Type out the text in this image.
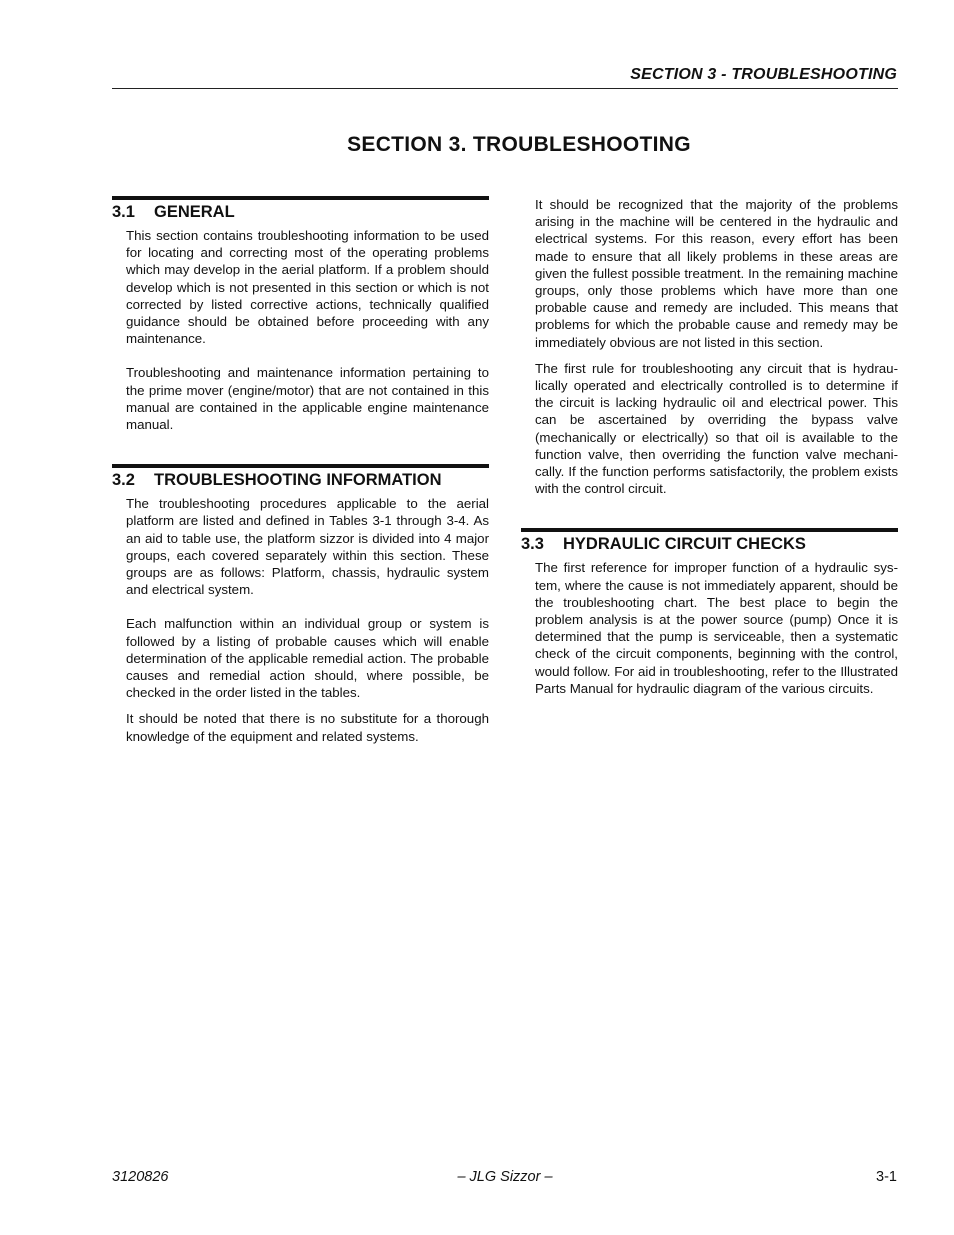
SECTION 3 - TROUBLESHOOTING
SECTION 3. TROUBLESHOOTING
3.1 GENERAL

This section contains troubleshooting information to be used for locating and correcting most of the operating problems which may develop in the aerial platform. If a problem should develop which is not presented in this section or which is not corrected by listed corrective actions, technically qualified guidance should be obtained before proceeding with any maintenance.

Troubleshooting and maintenance information pertaining to the prime mover (engine/motor) that are not contained in this manual are contained in the applicable engine maintenance manual.

3.2 TROUBLESHOOTING INFORMATION

The troubleshooting procedures applicable to the aerial platform are listed and defined in Tables 3-1 through 3-4. As an aid to table use, the platform sizzor is divided into 4 major groups, each covered separately within this section. These groups are as follows: Platform, chassis, hydraulic system and electrical system.

Each malfunction within an individual group or system is followed by a listing of probable causes which will enable determination of the applicable remedial action. The probable causes and remedial action should, where possible, be checked in the order listed in the tables.

It should be noted that there is no substitute for a thorough knowledge of the equipment and related systems.

It should be recognized that the majority of the problems arising in the machine will be centered in the hydraulic and electrical systems. For this reason, every effort has been made to ensure that all likely problems in these areas are given the fullest possible treatment. In the remaining machine groups, only those problems which have more than one probable cause and remedy are included. This means that problems for which the probable cause and remedy may be immediately obvious are not listed in this section.

The first rule for troubleshooting any circuit that is hydraulically operated and electrically controlled is to determine if the circuit is lacking hydraulic oil and electrical power. This can be ascertained by overriding the bypass valve (mechanically or electrically) so that oil is available to the function valve, then overriding the function valve mechanically. If the function performs satisfactorily, the problem exists with the control circuit.

3.3 HYDRAULIC CIRCUIT CHECKS

The first reference for improper function of a hydraulic system, where the cause is not immediately apparent, should be the troubleshooting chart. The best place to begin the problem analysis is at the power source (pump) Once it is determined that the pump is serviceable, then a systematic check of the circuit components, beginning with the control, would follow. For aid in troubleshooting, refer to the Illustrated Parts Manual for hydraulic diagram of the various circuits.

3120826	– JLG Sizzor –	3-1
